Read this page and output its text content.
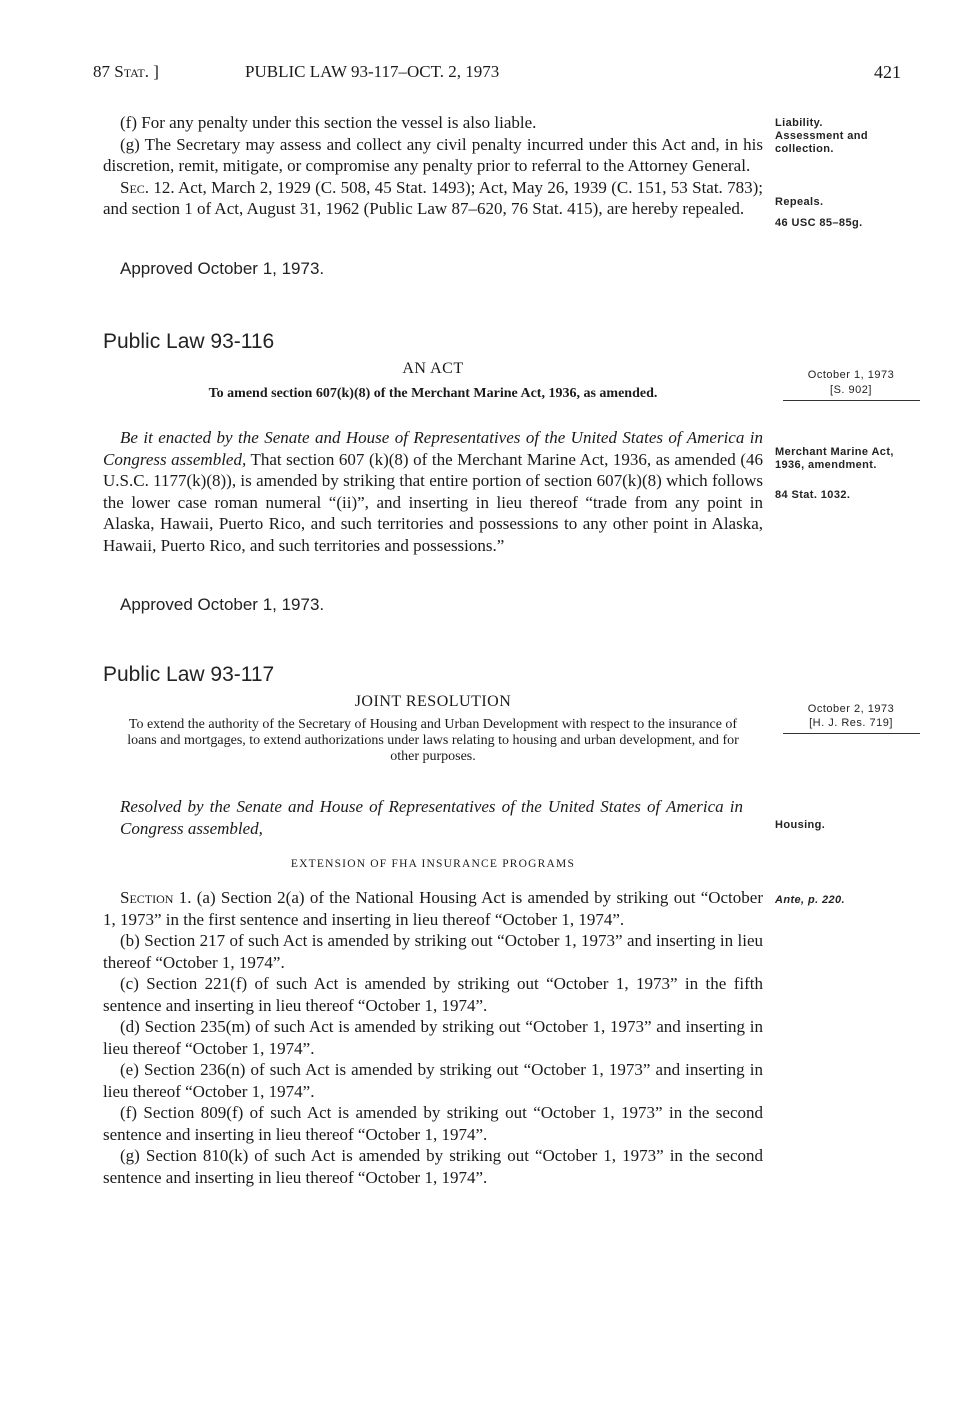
87 Stat. ]	PUBLIC LAW 93-117–OCT. 2, 1973	421

(f) For any penalty under this section the vessel is also liable.

(g) The Secretary may assess and collect any civil penalty incurred under this Act and, in his discretion, remit, mitigate, or compromise any penalty prior to referral to the Attorney General.

Sec. 12. Act, March 2, 1929 (C. 508, 45 Stat. 1493); Act, May 26, 1939 (C. 151, 53 Stat. 783); and section 1 of Act, August 31, 1962 (Public Law 87–620, 76 Stat. 415), are hereby repealed.

Approved October 1, 1973.
Liability.
Assessment and collection.
Repeals.
46 USC 85–85g.
Public Law 93-116
AN ACT
To amend section 607(k)(8) of the Merchant Marine Act, 1936, as amended.
October 1, 1973
[S. 902]

Be it enacted by the Senate and House of Representatives of the United States of America in Congress assembled, That section 607 (k)(8) of the Merchant Marine Act, 1936, as amended (46 U.S.C. 1177(k)(8)), is amended by striking that entire portion of section 607(k)(8) which follows the lower case roman numeral “(ii)”, and inserting in lieu thereof “trade from any point in Alaska, Hawaii, Puerto Rico, and such territories and possessions to any other point in Alaska, Hawaii, Puerto Rico, and such territories and possessions.”

Approved October 1, 1973.
Merchant Marine Act, 1936, amendment.
84 Stat. 1032.
Public Law 93-117
JOINT RESOLUTION
To extend the authority of the Secretary of Housing and Urban Development with respect to the insurance of loans and mortgages, to extend authorizations under laws relating to housing and urban development, and for other purposes.
October 2, 1973
[H. J. Res. 719]

Resolved by the Senate and House of Representatives of the United States of America in Congress assembled,	Housing.
EXTENSION OF FHA INSURANCE PROGRAMS

Section 1. (a) Section 2(a) of the National Housing Act is amended by striking out “October 1, 1973” in the first sentence and inserting in lieu thereof “October 1, 1974”.

(b) Section 217 of such Act is amended by striking out “October 1, 1973” and inserting in lieu thereof “October 1, 1974”.

(c) Section 221(f) of such Act is amended by striking out “October 1, 1973” in the fifth sentence and inserting in lieu thereof “October 1, 1974”.

(d) Section 235(m) of such Act is amended by striking out “October 1, 1973” and inserting in lieu thereof “October 1, 1974”.

(e) Section 236(n) of such Act is amended by striking out “October 1, 1973” and inserting in lieu thereof “October 1, 1974”.

(f) Section 809(f) of such Act is amended by striking out “October 1, 1973” in the second sentence and inserting in lieu thereof “October 1, 1974”.

(g) Section 810(k) of such Act is amended by striking out “October 1, 1973” in the second sentence and inserting in lieu thereof “October 1, 1974”.

Ante, p. 220.
